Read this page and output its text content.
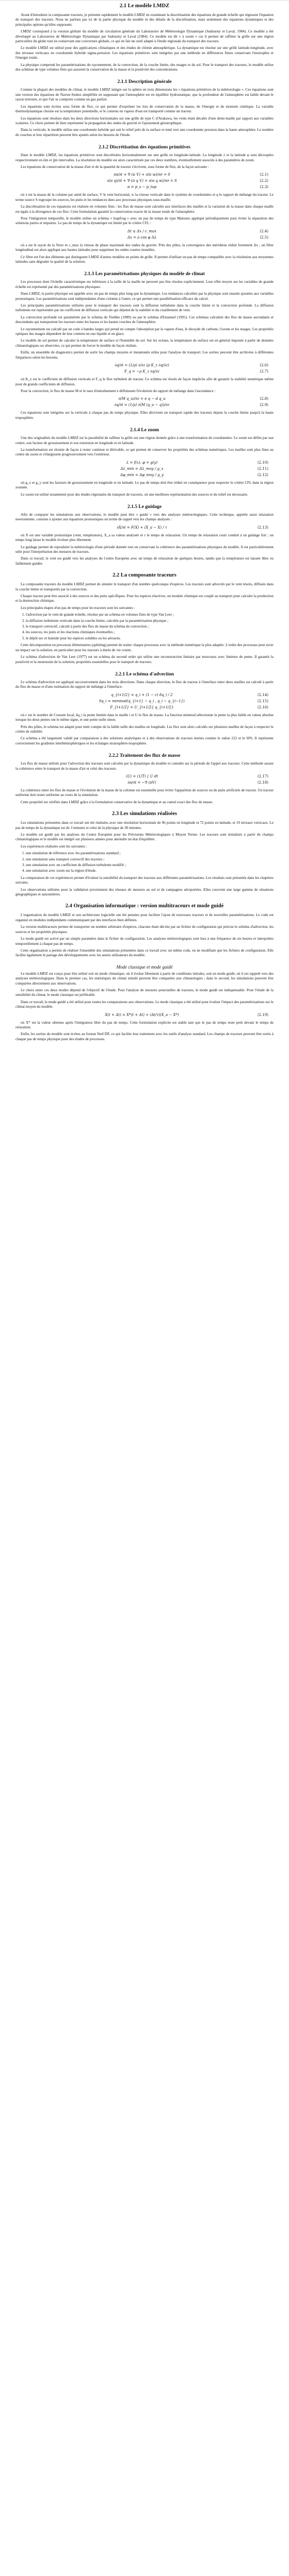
2.1 Le modèle LMDZ

Avant d'introduire la composante traceurs, je présente rapidement le modèle LMDZ en examinant la discrétisation des équations de grande échelle qui régissent l'équation de transport des traceurs. Nous ne parlons pas ici de la partie physique du modèle ni des détails de la discrétisation, mais seulement des équations dynamiques et des principales options qu'elles supposent.

LMDZ correspond à la version globale du modèle de circulation générale du Laboratoire de Météorologie Dynamique (Sadourny et Laval, 1984). Ce modèle a été développé au Laboratoire de Météorologie Dynamique par Sadourny et Laval (1984). Ce modèle est dit « à zoom » car il permet de raffiner la grille sur une région particulière du globe tout en conservant une couverture globale, ce qui en fait un outil adapté à l'étude régionale du transport des traceurs.

Le modèle LMDZ est utilisé pour des applications climatiques et des études de chimie atmosphérique. La dynamique est résolue sur une grille latitude-longitude, avec des niveaux verticaux en coordonnée hybride sigma-pression. Les équations primitives sont intégrées par une méthode en différences finies conservant l'enstrophie et l'énergie totale.

La physique comprend les paramétrisations du rayonnement, de la convection, de la couche limite, des nuages et du sol. Pour le transport des traceurs, le modèle utilise des schémas de type volumes finis qui assurent la conservation de la masse et la positivité des concentrations.

2.1.1 Description générale

Comme la plupart des modèles de climat, le modèle LMDZ intègre sur la sphère en trois dimensions les « équations primitives de la météorologie ». Ces équations sont une version des équations de Navier-Stokes simplifiée en supposant que l'atmosphère est en équilibre hydrostatique, que la profondeur de l'atmosphère est faible devant le rayon terrestre, et que l'air se comporte comme un gaz parfait.

Les équations sont écrites sous forme de flux, ce qui permet d'exprimer les lois de conservation de la masse, de l'énergie et du moment cinétique. La variable thermodynamique choisie est la température potentielle, et le contenu en vapeur d'eau est transporté comme un traceur.

Les équations sont résolues dans les deux directions horizontales sur une grille de type C d'Arakawa, les vents étant décalés d'une demi-maille par rapport aux variables scalaires. Ce choix permet de bien représenter la propagation des ondes de gravité et l'ajustement géostrophique.

Dans la verticale, le modèle utilise une coordonnée hybride qui suit le relief près de la surface et tend vers une coordonnée pression dans la haute atmosphère. Le nombre de couches et leur répartition peuvent être ajustés selon les besoins de l'étude.

2.1.2 Discrétisation des équations primitives

Dans le modèle LMDZ, les équations primitives sont discrétisées horizontalement sur une grille en longitude-latitude. La longitude λ et la latitude φ sont découpées respectivement en iim et jjm intervalles. La résolution du modèle est alors caractérisée par ces deux nombres, éventuellement associés à des paramètres de zoom.

Les équations de conservation de la masse d'air et de la quantité de traceur s'écrivent, sous forme de flux, de la façon suivante :

∂π/∂t + ∇·(π V) + ∂(π w)/∂σ = 0	(2.1)
∂(π q)/∂t + ∇·(π q V) + ∂(π q w)/∂σ = S	(2.2)
π = p_s − p_top	(2.3)

où π est la masse de la colonne par unité de surface, V le vent horizontal, w la vitesse verticale dans le système de coordonnées et q le rapport de mélange du traceur. Le terme source S regroupe les sources, les puits et les tendances dues aux processus physiques sous-maille.

La discrétisation de ces équations est réalisée en volumes finis : les flux de masse sont calculés aux interfaces des mailles et la variation de la masse dans chaque maille est égale à la divergence de ces flux. Cette formulation garantit la conservation exacte de la masse totale de l'atmosphère.

Pour l'intégration temporelle, le modèle utilise un schéma « leapfrog » avec un pas de temps de type Matsuno appliqué périodiquement pour éviter la séparation des solutions paires et impaires. Le pas de temps de la dynamique est limité par le critère CFL :

Δt ≤ Δx / c_max	(2.4)
Δx = a cos φ Δλ	(2.5)

où a est le rayon de la Terre et c_max la vitesse de phase maximale des ondes de gravité. Près des pôles, la convergence des méridiens réduit fortement Δx ; un filtre longitudinal est alors appliqué aux hautes latitudes pour supprimer les ondes courtes instables.

Ce filtre est l'un des éléments qui distinguent LMDZ d'autres modèles en points de grille. Il permet d'utiliser un pas de temps compatible avec la résolution aux moyennes latitudes sans dégrader la qualité de la solution.

2.1.3 Les paramétrisations physiques du modèle de climat

Les processus dont l'échelle caractéristique est inférieure à la taille de la maille ne peuvent pas être résolus explicitement. Leur effet moyen sur les variables de grande échelle est représenté par des paramétrisations physiques.

Dans LMDZ, la partie physique est appelée avec un pas de temps plus long que la dynamique. Les tendances calculées par la physique sont ensuite ajoutées aux variables pronostiques. Les paramétrisations sont indépendantes d'une colonne à l'autre, ce qui permet une parallélisation efficace du calcul.

Les principales paramétrisations utilisées pour le transport des traceurs sont la diffusion turbulente dans la couche limite et la convection profonde. La diffusion turbulente est représentée par un coefficient de diffusion verticale qui dépend de la stabilité et du cisaillement de vent.

La convection profonde est paramétrée par le schéma de Tiedtke (1989) ou par le schéma d'Emanuel (1991). Ces schémas calculent des flux de masse ascendants et descendants qui transportent les traceurs entre les basses et les hautes couches de l'atmosphère.

Le rayonnement est calculé par un code à bandes larges qui prend en compte l'absorption par la vapeur d'eau, le dioxyde de carbone, l'ozone et les nuages. Les propriétés optiques des nuages dépendent de leur contenu en eau liquide et en glace.

Le modèle de sol permet de calculer la température de surface et l'humidité du sol. Sur les océans, la température de surface est en général imposée à partir de données climatologiques ou observées, ce qui permet de forcer le modèle de façon réaliste.

Enfin, un ensemble de diagnostics permet de sortir les champs moyens et instantanés utiles pour l'analyse du transport. Les sorties peuvent être archivées à différentes fréquences selon les besoins.

∂q/∂t = (1/ρ) ∂/∂z (ρ K_z ∂q/∂z)	(2.6)
F_q = −ρ K_z ∂q/∂z	(2.7)

où K_z est le coefficient de diffusion verticale et F_q le flux turbulent de traceur. Ce schéma est résolu de façon implicite afin de garantir la stabilité numérique même pour de grands coefficients de diffusion.

Pour la convection, le flux de masse M et le taux d'entraînement e définissent l'évolution du rapport de mélange dans l'ascendance :

∂(M q_u)/∂z = e q − d q_u	(2.8)
∂q/∂t = (1/ρ) ∂(M (q_u − q))/∂z	(2.9)

Ces équations sont intégrées sur la verticale à chaque pas de temps physique. Elles décrivent un transport rapide des traceurs depuis la couche limite jusqu'à la haute troposphère.

2.1.4 Le zoom

Une des originalités du modèle LMDZ est la possibilité de raffiner la grille sur une région donnée grâce à une transformation de coordonnées. Le zoom est défini par son centre, son facteur de grossissement et son extension en longitude et en latitude.

La transformation est choisie de façon à rester continue et dérivable, ce qui permet de conserver les propriétés des schémas numériques. Les mailles sont plus fines au centre du zoom et s'élargissent progressivement vers l'extérieur.

λ = f(x), φ = g(y)	(2.10)
Δλ_min = Δλ_moy / g_x	(2.11)
Δφ_min = Δφ_moy / g_y	(2.12)

où g_x et g_y sont les facteurs de grossissement en longitude et en latitude. Le pas de temps doit être réduit en conséquence pour respecter le critère CFL dans la région zoomée.

Le zoom est utilisé notamment pour des études régionales du transport de traceurs, où une meilleure représentation des sources et du relief est nécessaire.

2.1.5 Le guidage

Afin de comparer les simulations aux observations, le modèle peut être « guidé » vers des analyses météorologiques. Cette technique, appelée aussi relaxation newtonienne, consiste à ajouter aux équations pronostiques un terme de rappel vers les champs analysés :

∂X/∂t = F(X) + (X_a − X) / τ	(2.13)

où X est une variable pronostique (vent, température), X_a sa valeur analysée et τ le temps de relaxation. Un temps de relaxation court conduit à un guidage fort ; un temps long laisse le modèle évoluer plus librement.

Le guidage permet de reproduire la météorologie d'une période donnée tout en conservant la cohérence des paramétrisations physiques du modèle. Il est particulièrement utile pour l'interprétation des mesures de traceurs.

Dans ce travail, le vent est guidé vers les analyses du Centre Européen avec un temps de relaxation de quelques heures, tandis que la température est laissée libre ou faiblement guidée.

2.2 La composante traceurs

La composante traceurs du modèle LMDZ permet de simuler le transport d'un nombre quelconque d'espèces. Les traceurs sont advectés par le vent résolu, diffusés dans la couche limite et transportés par la convection.

Chaque traceur peut être associé à des sources et des puits spécifiques. Pour les espèces réactives, un module chimique est couplé au transport pour calculer la production et la destruction chimique.

Les principales étapes d'un pas de temps pour les traceurs sont les suivantes :

1. l'advection par le vent de grande échelle, résolue par un schéma en volumes finis de type Van Leer ;
2. la diffusion turbulente verticale dans la couche limite, calculée par la paramétrisation physique ;
3. le transport convectif, calculé à partir des flux de masse du schéma de convection ;
4. les sources, les puits et les réactions chimiques éventuelles ;
5. le dépôt sec et humide pour les espèces solubles ou les aérosols.

Cette décomposition en processus élémentaires (splitting) permet de traiter chaque processus avec la méthode numérique la plus adaptée. L'ordre des processus peut avoir un impact sur la solution, en particulier pour les traceurs à durée de vie courte.

Le schéma d'advection de Van Leer (1977) est un schéma du second ordre qui utilise une reconstruction linéaire par morceaux avec limiteur de pente. Il garantit la positivité et la monotonie de la solution, propriétés essentielles pour le transport de traceurs.

2.2.1 Le schéma d'advection

Le schéma d'advection est appliqué successivement dans les trois directions. Dans chaque direction, le flux de traceur à l'interface entre deux mailles est calculé à partir du flux de masse et d'une estimation du rapport de mélange à l'interface.

q_{i+1/2} = q_i + (1 − c) δq_i / 2	(2.14)
δq_i = minmod(q_{i+1} − q_i , q_i − q_{i−1})	(2.15)
F_{i+1/2} = U_{i+1/2} q_{i+1/2}	(2.16)

où c est le nombre de Courant local, δq_i la pente limitée dans la maille i et U le flux de masse. La fonction minmod sélectionne la pente la plus faible en valeur absolue lorsque les deux pentes ont le même signe, et une pente nulle sinon.

Près des pôles, le schéma est adapté pour tenir compte de la faible taille des mailles en longitude. Les flux sont alors calculés sur plusieurs mailles de façon à respecter le critère de stabilité.

Ce schéma a été largement validé par comparaison à des solutions analytiques et à des observations de traceurs inertes comme le radon 222 et le SF6. Il représente correctement les gradients interhémisphériques et les échanges stratosphère-troposphère.

2.2.2 Traitement des flux de masse

Les flux de masse utilisés pour l'advection des traceurs sont calculés par la dynamique du modèle et cumulés sur la période de l'appel aux traceurs. Cette méthode assure la cohérence entre le transport de la masse d'air et celui des traceurs.

⟨U⟩ = (1/T) ∫ U dt	(2.17)
∂π/∂t = −∇·⟨πV⟩	(2.18)

La cohérence entre les flux de masse et l'évolution de la masse de la colonne est essentielle pour éviter l'apparition de sources ou de puits artificiels de traceur. Un traceur uniforme doit rester uniforme au cours de la simulation.

Cette propriété est vérifiée dans LMDZ grâce à la formulation conservative de la dynamique et au cumul exact des flux de masse.

2.3 Les simulations réalisées

Les simulations présentées dans ce travail ont été réalisées avec une résolution horizontale de 96 points en longitude et 72 points en latitude, et 19 niveaux verticaux. Le pas de temps de la dynamique est de 3 minutes et celui de la physique de 30 minutes.

Le modèle est guidé par les analyses du Centre Européen pour les Prévisions Météorologiques à Moyen Terme. Les traceurs sont initialisés à partir de champs climatologiques et le modèle est intégré sur plusieurs années pour atteindre un état d'équilibre.

Les expériences réalisées sont les suivantes :

1. une simulation de référence avec les paramétrisations standard ;
2. une simulation sans transport convectif des traceurs ;
3. une simulation avec un coefficient de diffusion turbulente modifié ;
4. une simulation avec zoom sur la région d'étude.

La comparaison de ces expériences permet d'évaluer la sensibilité du transport des traceurs aux différentes paramétrisations. Les résultats sont présentés dans les chapitres suivants.

Les observations utilisées pour la validation proviennent des réseaux de mesures au sol et de campagnes aéroportées. Elles couvrent une large gamme de situations géographiques et saisonnières.

2.4 Organisation informatique : version multitraceurs et mode guidé

L'organisation du modèle LMDZ et son architecture logicielle ont été pensées pour faciliter l'ajout de nouveaux traceurs et de nouvelles paramétrisations. Le code est organisé en modules indépendants communiquant par des interfaces bien définies.

La version multitraceurs permet de transporter un nombre arbitraire d'espèces, chacune étant décrite par un fichier de configuration qui précise le schéma d'advection, les sources et les propriétés physiques.

Le mode guidé est activé par un simple paramètre dans le fichier de configuration. Les analyses météorologiques sont lues à une fréquence de six heures et interpolées temporellement à chaque pas de temps.

Cette organisation a permis de réaliser l'ensemble des simulations présentées dans ce travail avec un même code, en ne modifiant que les fichiers de configuration. Elle facilite également le partage des développements avec les autres utilisateurs du modèle.

Mode classique et mode guidé

Le modèle LMDZ est conçu pour être utilisé soit en mode climatique, où il évolue librement à partir de conditions initiales, soit en mode guidé, où il est rappelé vers des analyses météorologiques. Dans le premier cas, les statistiques du climat simulé peuvent être comparées aux climatologies ; dans le second, les simulations peuvent être comparées directement aux observations.

Le choix entre ces deux modes dépend de l'objectif de l'étude. Pour l'analyse de mesures ponctuelles de traceurs, le mode guidé est indispensable. Pour l'étude de la sensibilité du climat, le mode classique est préférable.

Dans ce travail, le mode guidé a été utilisé pour toutes les comparaisons aux observations. Le mode classique a été utilisé pour évaluer l'impact des paramétrisations sur le climat moyen du modèle.

X(t + Δt) = X*(t + Δt) + (Δt/τ)(X_a − X*)	(2.19)

où X* est la valeur obtenue après l'intégration libre du pas de temps. Cette formulation explicite est stable tant que le pas de temps reste petit devant le temps de relaxation.

Enfin, les sorties du modèle sont écrites au format NetCDF, ce qui facilite leur traitement avec les outils d'analyse standard. Les champs de traceurs peuvent être sortis à chaque pas de temps physique pour des études de processus.
